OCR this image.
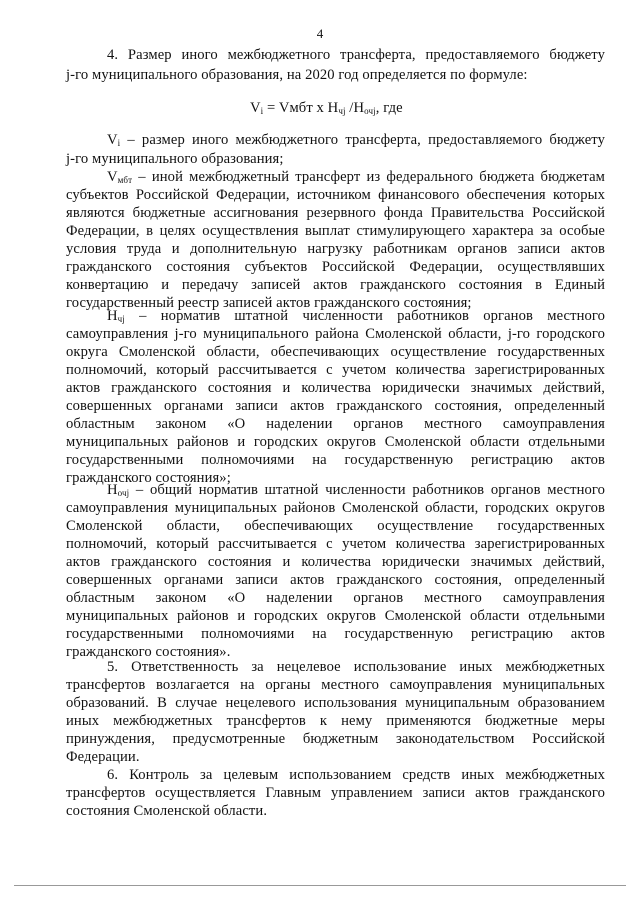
4
4. Размер иного межбюджетного трансферта, предоставляемого бюджету
j-го муниципального образования, на 2020 год определяется по формуле:
$V_i$ = Vмбт x $Н_{чj}$ $/Н_{очj}$, где
$V_i$ – размер иного межбюджетного трансферта, предоставляемого бюджету
j-го муниципального образования;
$V_{мбт}$ – иной межбюджетный трансферт из федерального бюджета бюджетам
субъектов Российской Федерации, источником финансового обеспечения которых
являются бюджетные ассигнования резервного фонда Правительства Российской
Федерации, в целях осуществления выплат стимулирующего характера за особые
условия труда и дополнительную нагрузку работникам органов записи актов
гражданского состояния субъектов Российской Федерации, осуществлявших
конвертацию и передачу записей актов гражданского состояния в Единый
государственный реестр записей актов гражданского состояния;
$Н_{чj}$ – норматив штатной численности работников органов местного
самоуправления j-го муниципального района Смоленской области, j-го городского
округа Смоленской области, обеспечивающих осуществление государственных
полномочий, который рассчитывается с учетом количества зарегистрированных
актов гражданского состояния и количества юридически значимых действий,
совершенных органами записи актов гражданского состояния, определенный
областным законом «О наделении органов местного самоуправления
муниципальных районов и городских округов Смоленской области отдельными
государственными полномочиями на государственную регистрацию актов
гражданского состояния»;
$Н_{очj}$ – общий норматив штатной численности работников органов местного
самоуправления муниципальных районов Смоленской области, городских округов
Смоленской области, обеспечивающих осуществление государственных
полномочий, который рассчитывается с учетом количества зарегистрированных
актов гражданского состояния и количества юридически значимых действий,
совершенных органами записи актов гражданского состояния, определенный
областным законом «О наделении органов местного самоуправления
муниципальных районов и городских округов Смоленской области отдельными
государственными полномочиями на государственную регистрацию актов
гражданского состояния».
5. Ответственность за нецелевое использование иных межбюджетных
трансфертов возлагается на органы местного самоуправления муниципальных
образований. В случае нецелевого использования муниципальным образованием
иных межбюджетных трансфертов к нему применяются бюджетные меры
принуждения, предусмотренные бюджетным законодательством Российской
Федерации.
6. Контроль за целевым использованием средств иных межбюджетных
трансфертов осуществляется Главным управлением записи актов гражданского
состояния Смоленской области.
